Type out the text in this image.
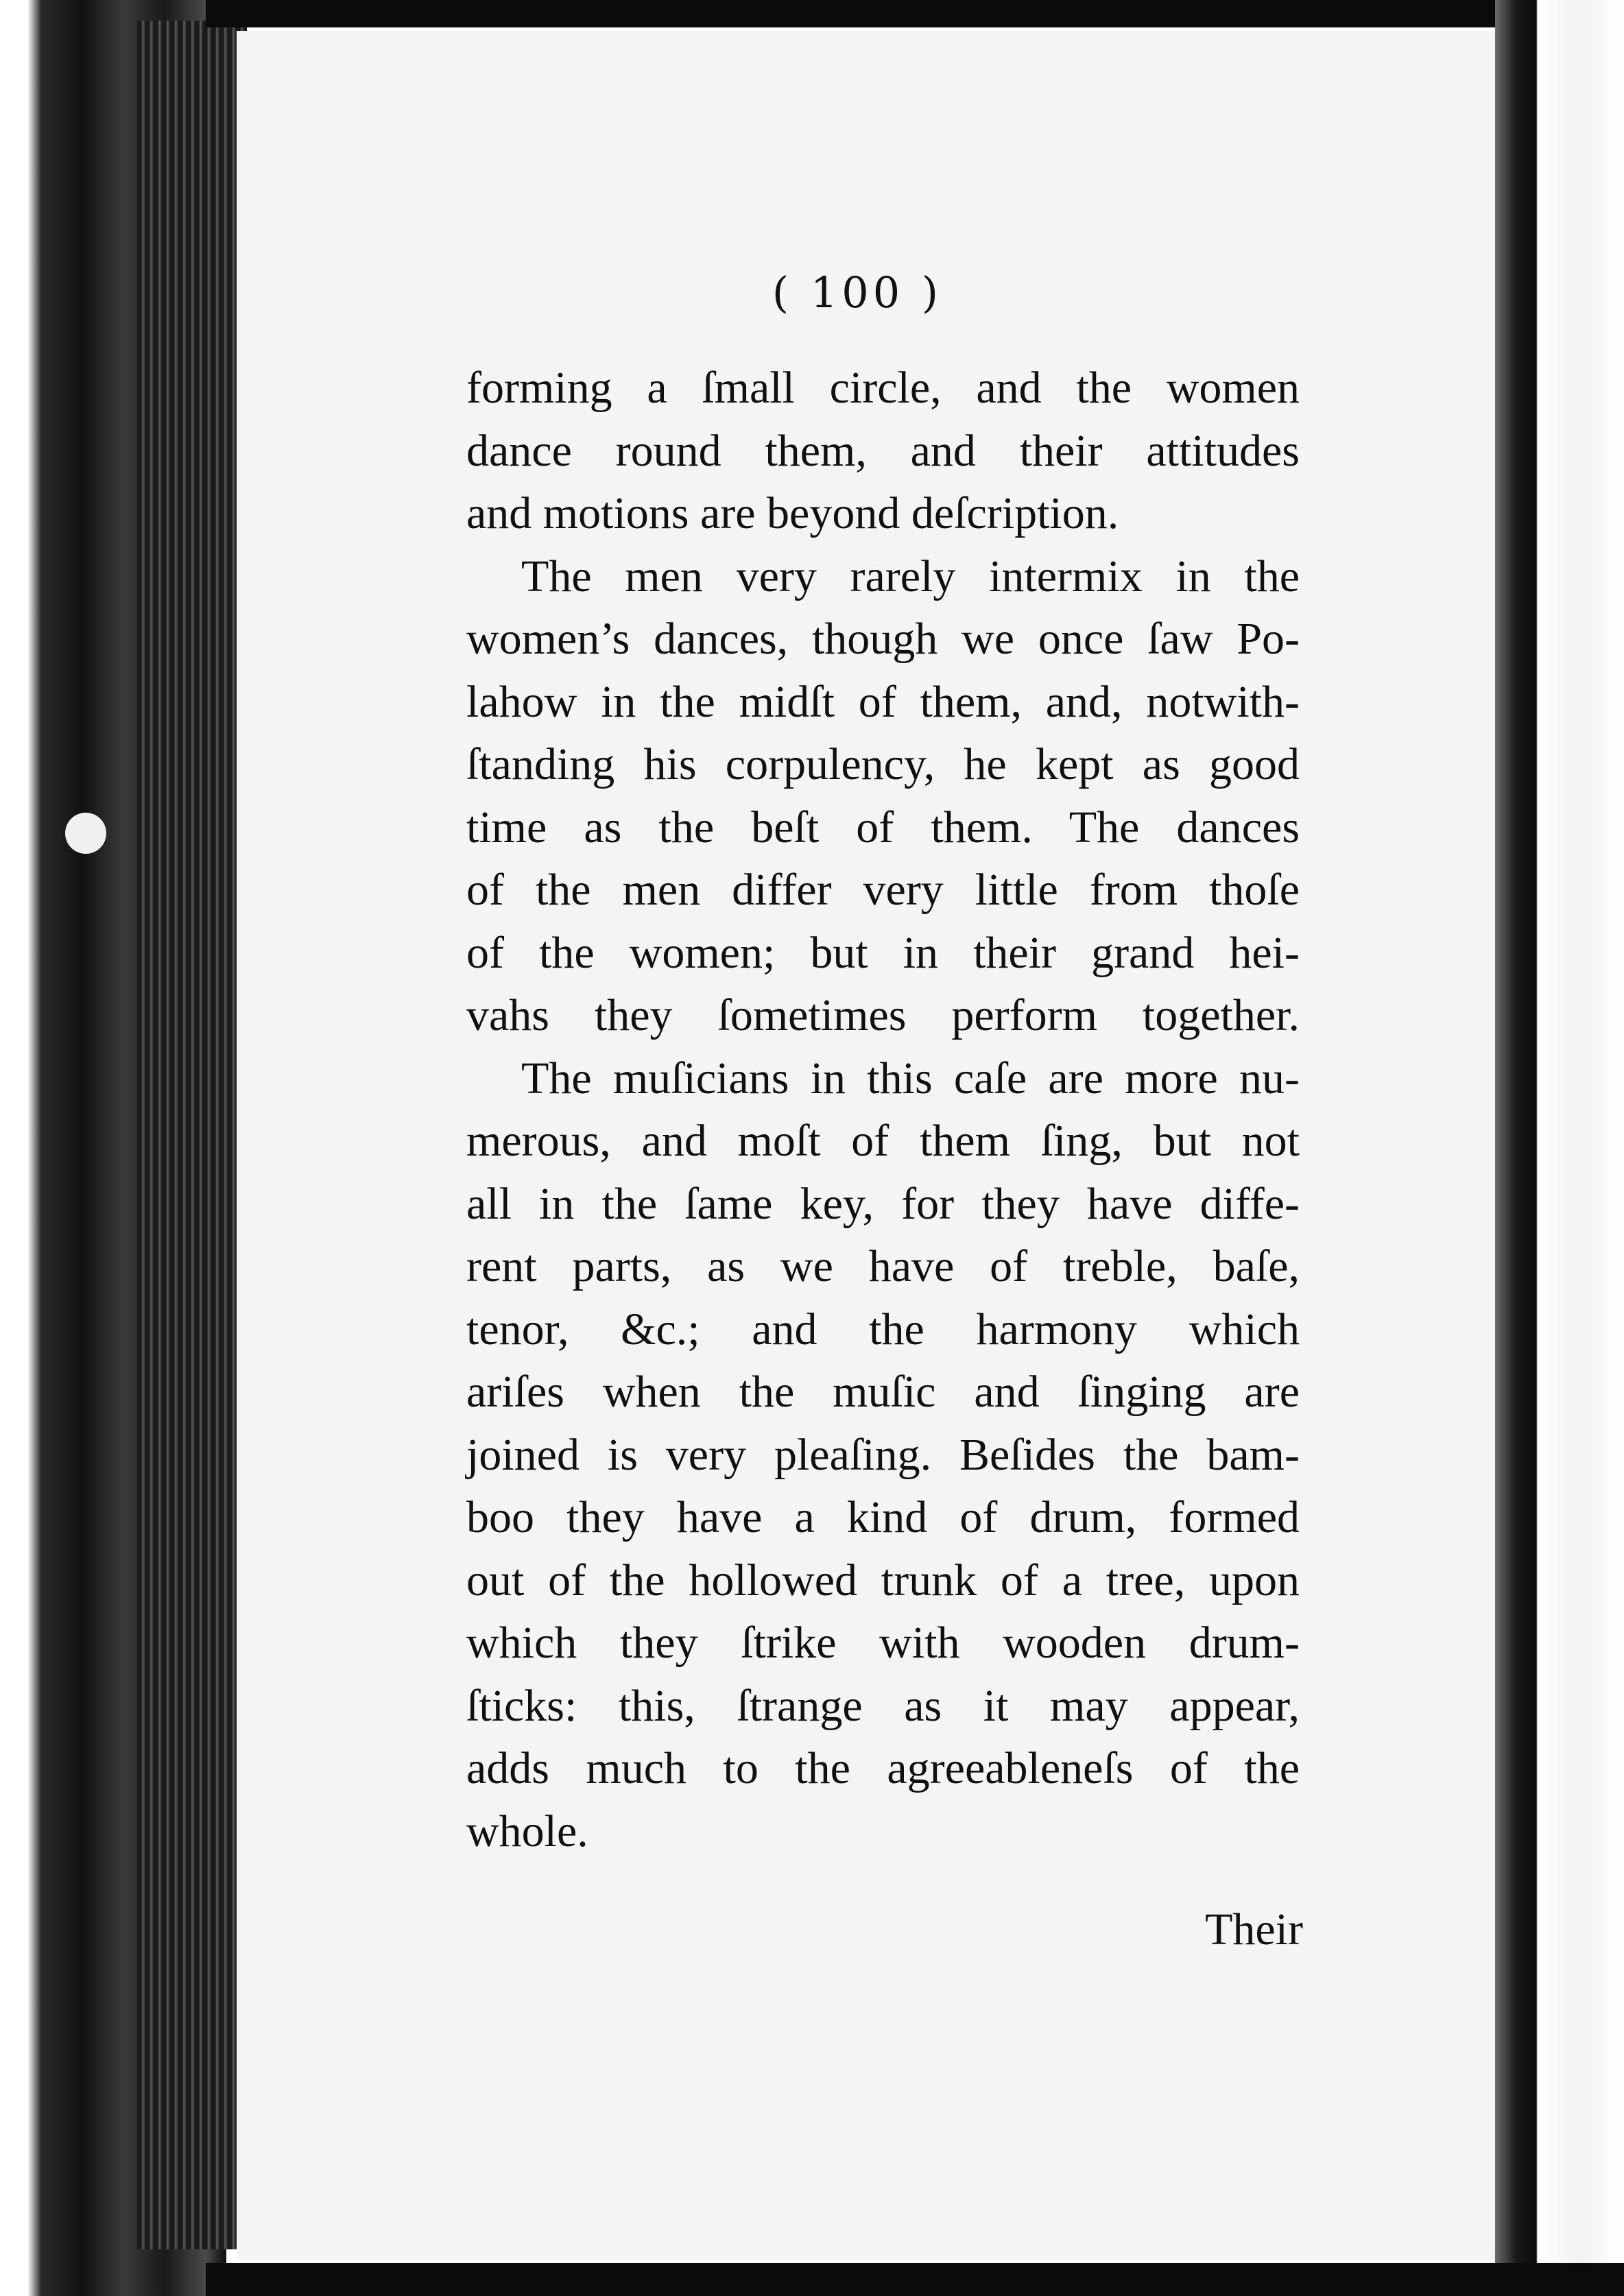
( 100 )
forming a ſmall circle, and the women
dance round them, and their attitudes
and motions are beyond deſcription.
The men very rarely intermix in the
women’s dances, though we once ſaw Po-
lahow in the midſt of them, and, notwith-
ſtanding his corpulency, he kept as good
time as the beſt of them. The dances
of the men differ very little from thoſe
of the women; but in their grand hei-
vahs they ſometimes perform together.
The muſicians in this caſe are more nu-
merous, and moſt of them ſing, but not
all in the ſame key, for they have diffe-
rent parts, as we have of treble, baſe,
tenor, &c.; and the harmony which
ariſes when the muſic and ſinging are
joined is very pleaſing. Beſides the bam-
boo they have a kind of drum, formed
out of the hollowed trunk of a tree, upon
which they ſtrike with wooden drum-
ſticks: this, ſtrange as it may appear,
adds much to the agreeableneſs of the
whole.
Their
